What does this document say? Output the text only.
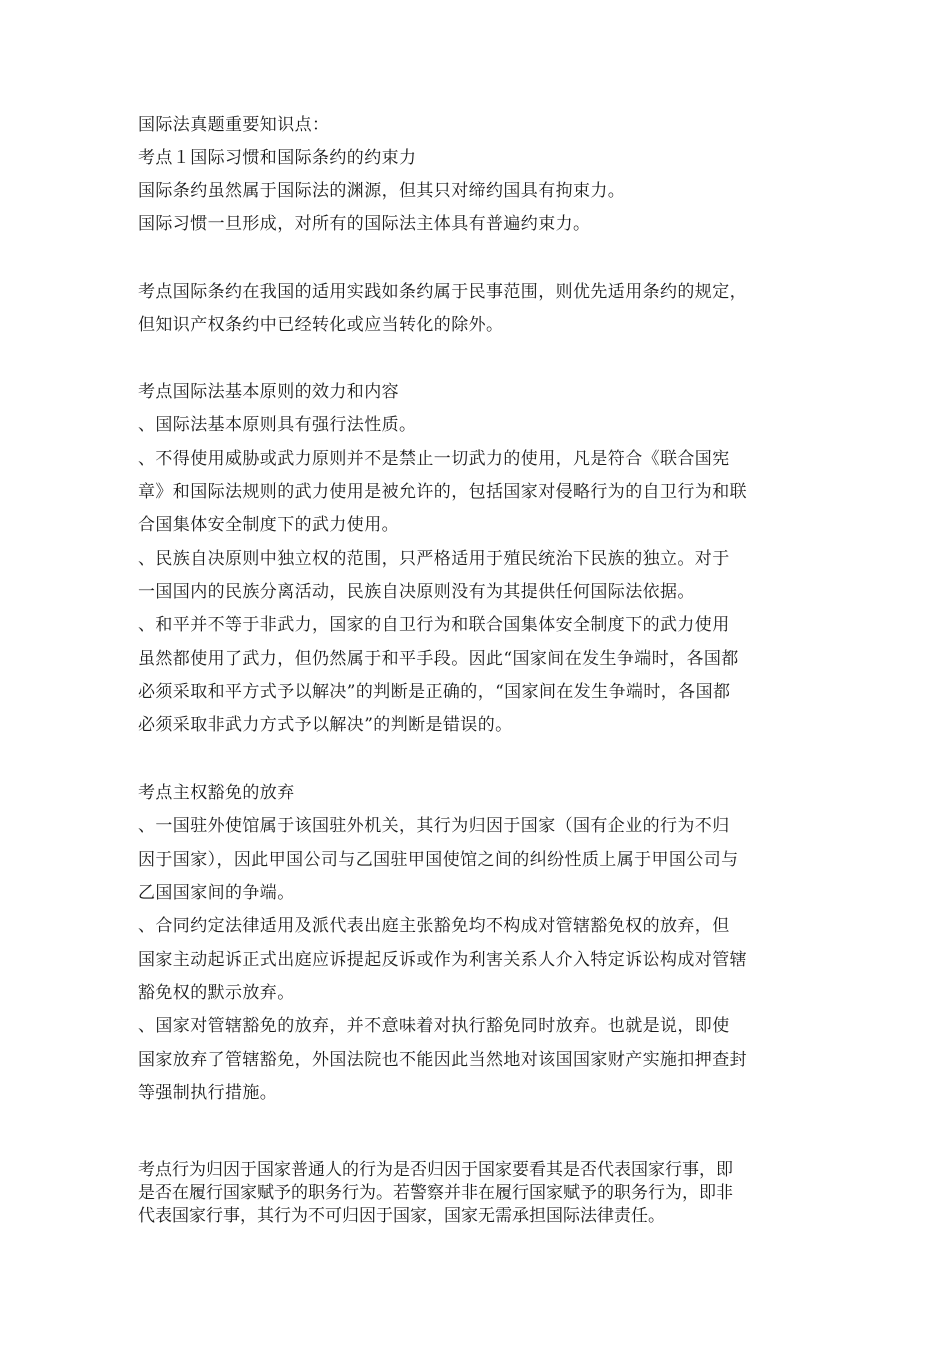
国际法真题重要知识点：
考点１国际习惯和国际条约的约束力
国际条约虽然属于国际法的渊源，但其只对缔约国具有拘束力。
国际习惯一旦形成，对所有的国际法主体具有普遍约束力。
考点国际条约在我国的适用实践如条约属于民事范围，则优先适用条约的规定，
但知识产权条约中已经转化或应当转化的除外。
考点国际法基本原则的效力和内容
、国际法基本原则具有强行法性质。
、不得使用威胁或武力原则并不是禁止一切武力的使用，凡是符合《联合国宪
章》和国际法规则的武力使用是被允许的，包括国家对侵略行为的自卫行为和联
合国集体安全制度下的武力使用。
、民族自决原则中独立权的范围，只严格适用于殖民统治下民族的独立。对于
一国国内的民族分离活动，民族自决原则没有为其提供任何国际法依据。
、和平并不等于非武力，国家的自卫行为和联合国集体安全制度下的武力使用
虽然都使用了武力，但仍然属于和平手段。因此“国家间在发生争端时，各国都
必须采取和平方式予以解决”的判断是正确的，“国家间在发生争端时，各国都
必须采取非武力方式予以解决”的判断是错误的。
考点主权豁免的放弃
、一国驻外使馆属于该国驻外机关，其行为归因于国家（国有企业的行为不归
因于国家），因此甲国公司与乙国驻甲国使馆之间的纠纷性质上属于甲国公司与
乙国国家间的争端。
、合同约定法律适用及派代表出庭主张豁免均不构成对管辖豁免权的放弃，但
国家主动起诉正式出庭应诉提起反诉或作为利害关系人介入特定诉讼构成对管辖
豁免权的默示放弃。
、国家对管辖豁免的放弃，并不意味着对执行豁免同时放弃。也就是说，即使
国家放弃了管辖豁免，外国法院也不能因此当然地对该国国家财产实施扣押查封
等强制执行措施。
考点行为归因于国家普通人的行为是否归因于国家要看其是否代表国家行事，即
是否在履行国家赋予的职务行为。若警察并非在履行国家赋予的职务行为，即非
代表国家行事，其行为不可归因于国家，国家无需承担国际法律责任。
